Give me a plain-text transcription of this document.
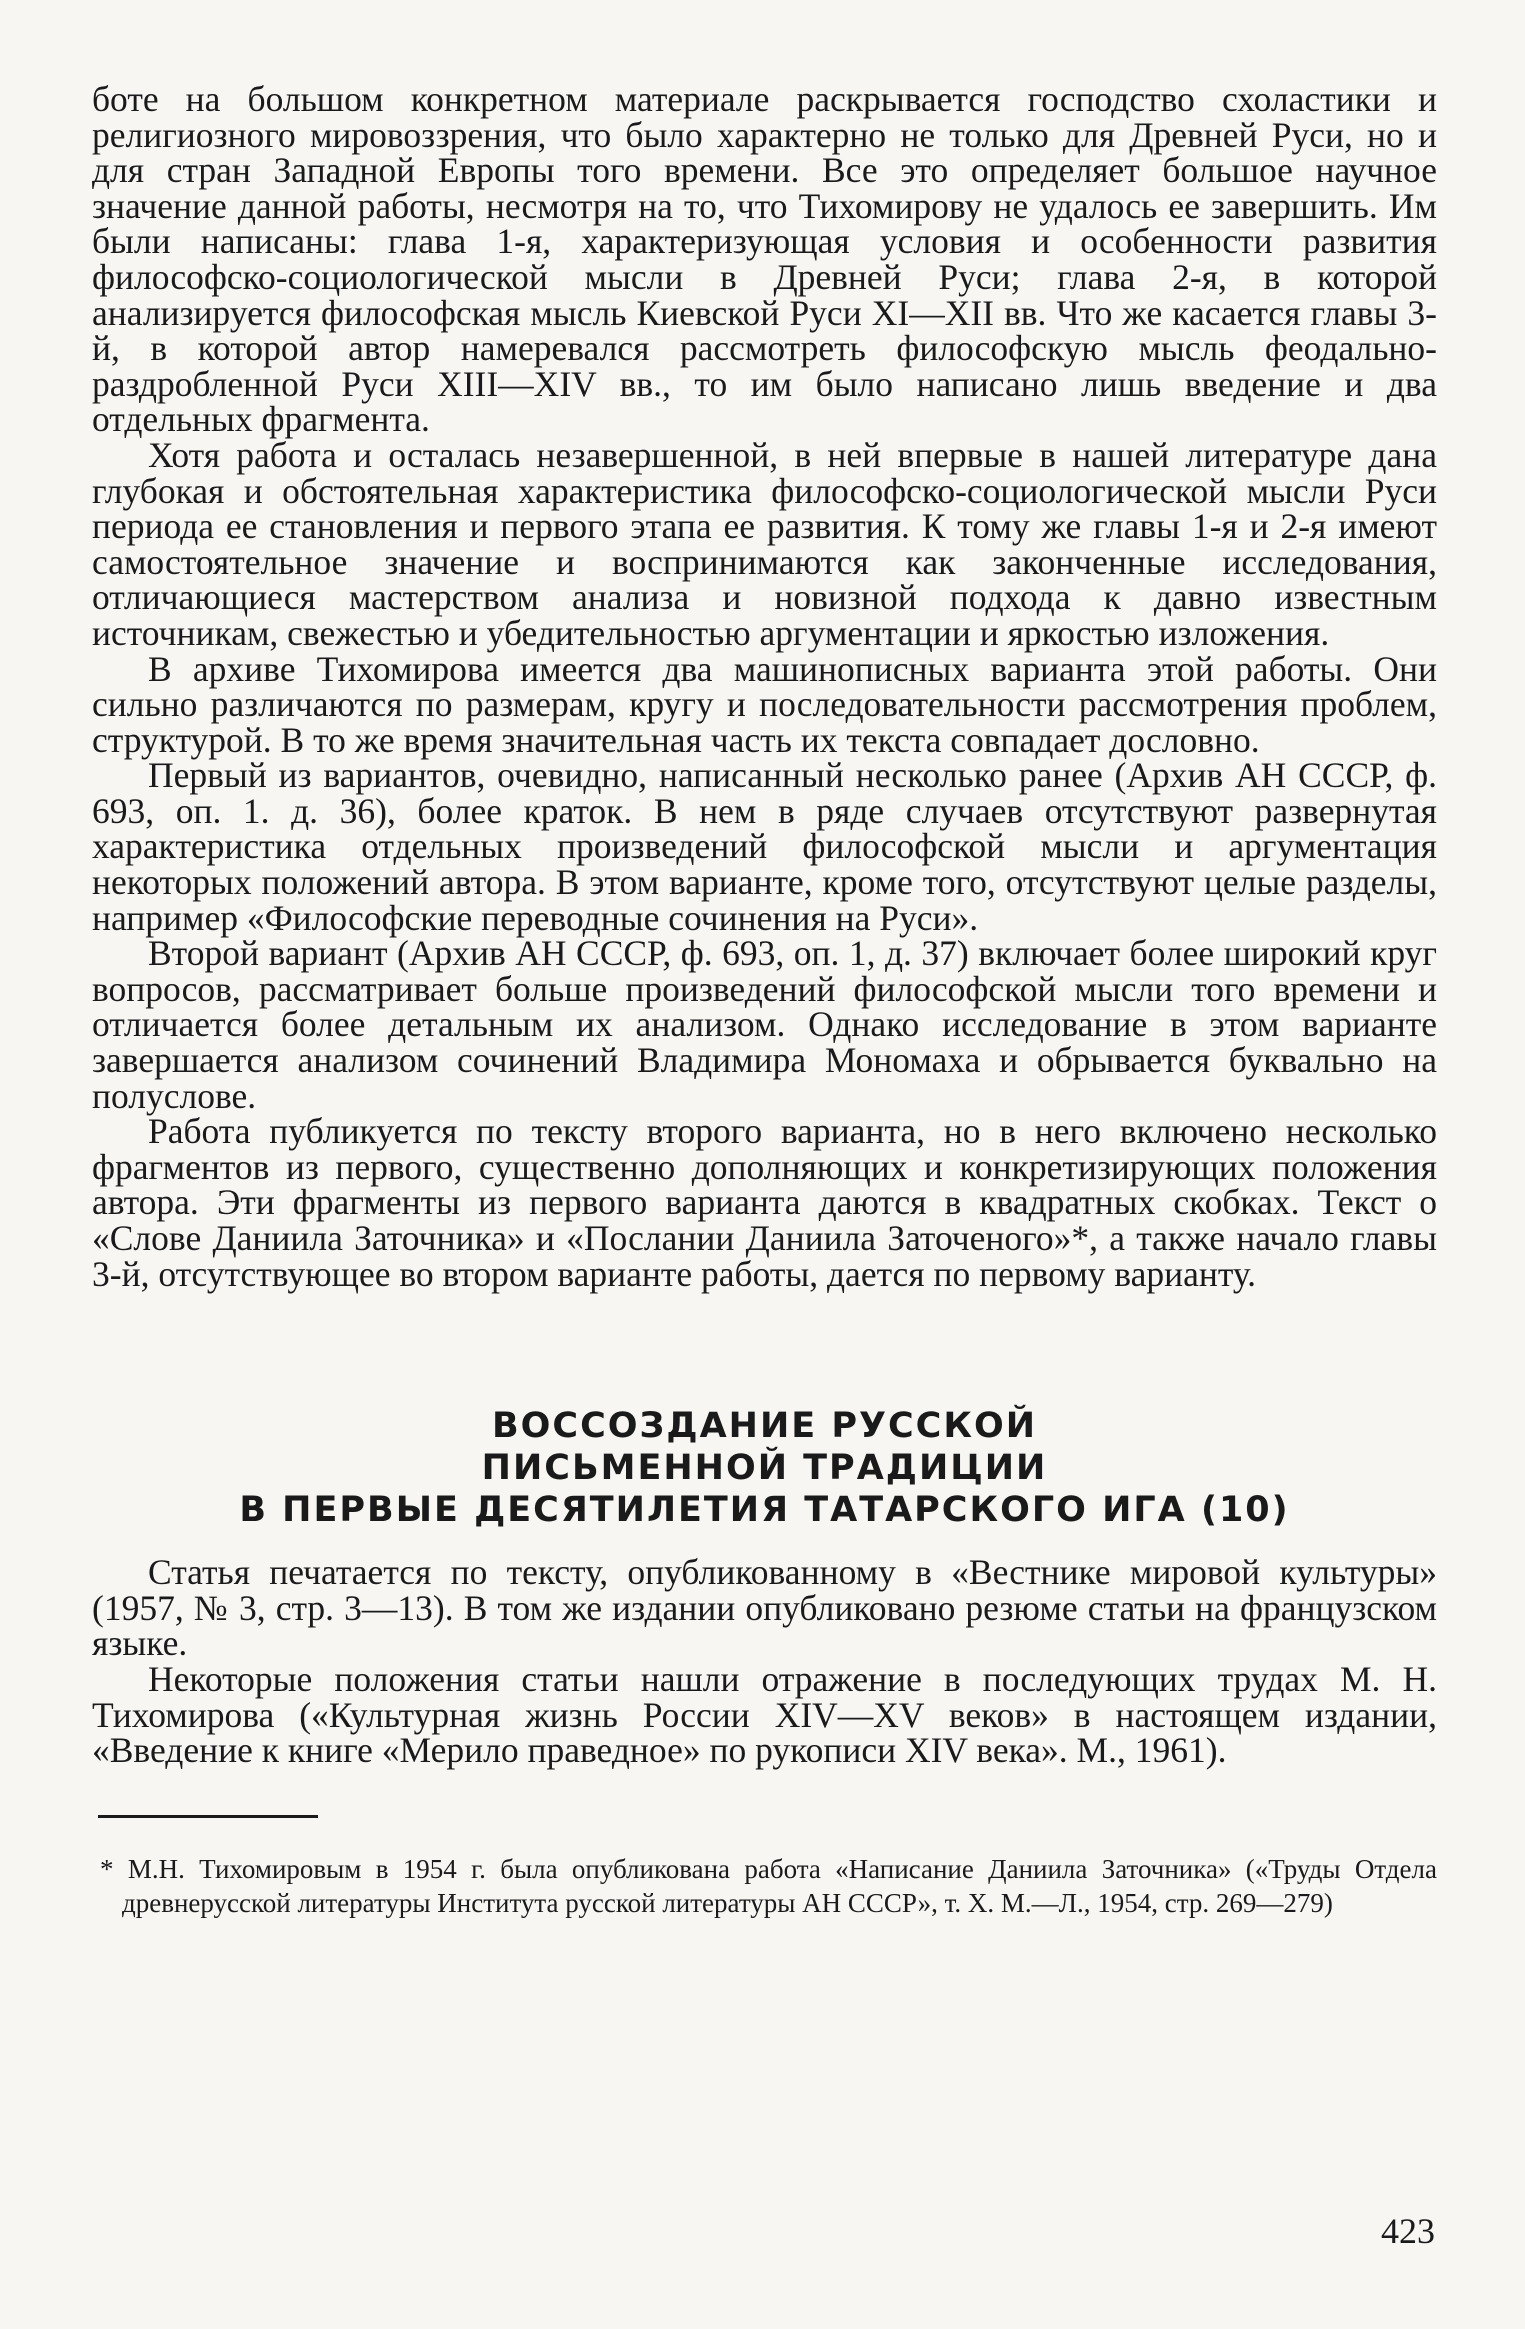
боте на большом конкретном материале раскрывается господство схоластики и религиозного мировоззрения, что было характерно не только для Древней Руси, но и для стран Западной Европы того времени. Все это определяет большое научное значение данной работы, несмотря на то, что Тихомирову не удалось ее завершить. Им были написаны: глава 1-я, характеризующая условия и особенности развития философско-социологической мысли в Древней Руси; глава 2-я, в которой анализируется философская мысль Киевской Руси XI—XII вв. Что же касается главы 3-й, в которой автор намеревался рассмотреть философскую мысль феодально-раздробленной Руси XIII—XIV вв., то им было написано лишь введение и два отдельных фрагмента.

Хотя работа и осталась незавершенной, в ней впервые в нашей литературе дана глубокая и обстоятельная характеристика философско-социологической мысли Руси периода ее становления и первого этапа ее развития. К тому же главы 1-я и 2-я имеют самостоятельное значение и воспринимаются как законченные исследования, отличающиеся мастерством анализа и новизной подхода к давно известным источникам, свежестью и убедительностью аргументации и яркостью изложения.

В архиве Тихомирова имеется два машинописных варианта этой работы. Они сильно различаются по размерам, кругу и последовательности рассмотрения проблем, структурой. В то же время значительная часть их текста совпадает дословно.

Первый из вариантов, очевидно, написанный несколько ранее (Архив АН СССР, ф. 693, оп. 1. д. 36), более краток. В нем в ряде случаев отсутствуют развернутая характеристика отдельных произведений философской мысли и аргументация некоторых положений автора. В этом варианте, кроме того, отсутствуют целые разделы, например «Философские переводные сочинения на Руси».

Второй вариант (Архив АН СССР, ф. 693, оп. 1, д. 37) включает более широкий круг вопросов, рассматривает больше произведений философской мысли того времени и отличается более детальным их анализом. Однако исследование в этом варианте завершается анализом сочинений Владимира Мономаха и обрывается буквально на полуслове.

Работа публикуется по тексту второго варианта, но в него включено несколько фрагментов из первого, существенно дополняющих и конкретизирующих положения автора. Эти фрагменты из первого варианта даются в квадратных скобках. Текст о «Слове Даниила Заточника» и «Послании Даниила Заточеного»*, а также начало главы 3-й, отсутствующее во втором варианте работы, дается по первому варианту.

ВОССОЗДАНИЕ РУССКОЙ
ПИСЬМЕННОЙ ТРАДИЦИИ
В ПЕРВЫЕ ДЕСЯТИЛЕТИЯ ТАТАРСКОГО ИГА (10)

Статья печатается по тексту, опубликованному в «Вестнике мировой культуры» (1957, № 3, стр. 3—13). В том же издании опубликовано резюме статьи на французском языке.

Некоторые положения статьи нашли отражение в последующих трудах М. Н. Тихомирова («Культурная жизнь России XIV—XV веков» в настоящем издании, «Введение к книге «Мерило праведное» по рукописи XIV века». М., 1961).

* М.Н. Тихомировым в 1954 г. была опубликована работа «Написание Даниила Заточника» («Труды Отдела древнерусской литературы Института русской литературы АН СССР», т. X. М.—Л., 1954, стр. 269—279)

423
